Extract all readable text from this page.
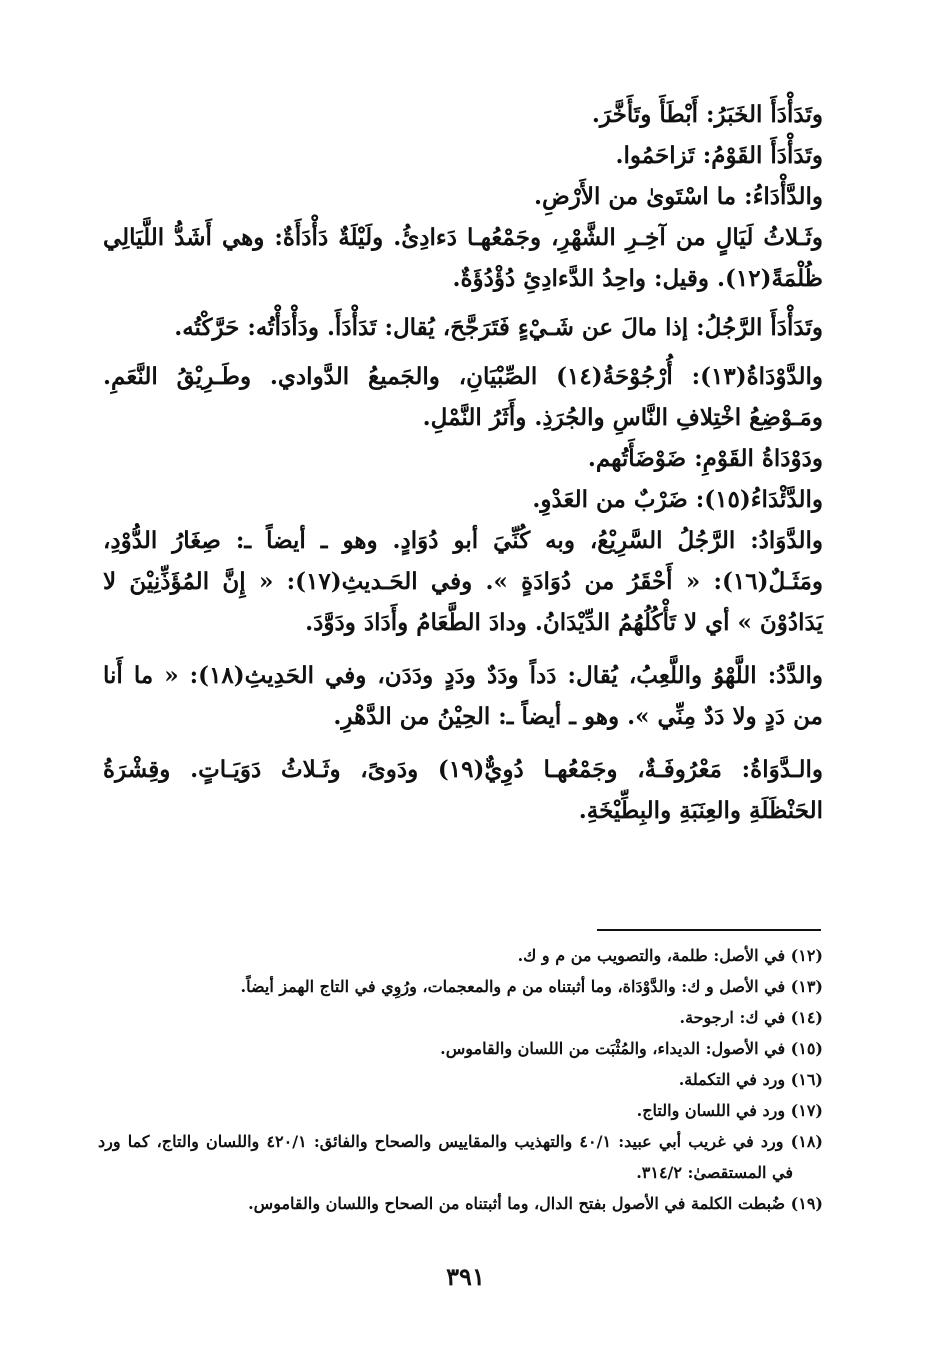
وتَدَأْدَأَ الخَبَرُ: أَبْطَأَ وتَأَخَّرَ.

وتَدَأْدَأَ القَوْمُ: تَزاحَمُوا.

والدَّأْدَاءُ: ما اسْتَوىٰ من الأَرْضِ.

وثَـلاثُ لَيَالٍ من آخِـرِ الشَّهْرِ، وجَمْعُهـا دَءادِئُ. ولَيْلَةٌ دَأْدَأَةٌ: وهي أَشَدُّ اللَّيَالِي ظُلْمَةً(١٢). وقيل: واحِدُ الدَّءادِئِ دُؤْدُؤَةٌ.

وتَدَأْدَأَ الرَّجُلُ: إذا مالَ عن شَـيْءٍ فَتَرَجَّحَ، يُقال: تَدَأْدَأَ. ودَأْدَأْتُه: حَرَّكْتُه.

والدَّوْدَاةُ(١٣): أُرْجُوْحَةُ(١٤) الصِّبْيَانِ، والجَميعُ الدَّوادي. وطَـرِيْقُ النَّعَمِ. ومَـوْضِعُ اخْتِلافِ النَّاسِ والجُرَذِ. وأَثَرُ النَّمْلِ.

ودَوْدَاةُ القَوْمِ: ضَوْضَأَتُهم.

والدَّئْدَاءُ(١٥): ضَرْبٌ من العَدْوِ.

والدَّوَادُ: الرَّجُلُ السَّرِيْعُ، وبه كُنِّيَ أبو دُوَادٍ. وهو ـ أيضاً ـ: صِغَارُ الدُّوْدِ، ومَثَـلٌ(١٦): « أَحْقَرُ من دُوَادَةٍ ». وفي الحَـديثِ(١٧): « إِنَّ المُؤَذِّنِيْنَ لا يَدَادُوْنَ » أي لا تَأْكُلُهُمُ الدِّيْدَانُ. ودادَ الطَّعَامُ وأَدَادَ ودَوَّدَ.

والدَّدُ: اللَّهْوُ واللَّعِبُ، يُقال: دَداً ودَدٌ ودَدٍ ودَدَن، وفي الحَدِيثِ(١٨): « ما أَنا من دَدٍ ولا دَدٌ مِنِّي ». وهو ـ أيضاً ـ: الحِيْنُ من الدَّهْرِ.

والـدَّوَاةُ: مَعْرُوفَـةٌ، وجَمْعُهـا دُوِيٌّ(١٩) ودَوىً، وثَـلاثُ دَوَيَـاتٍ. وقِشْرَةُ الحَنْظَلَةِ والعِنَبَةِ والبِطِّيْخَةِ.

(١٢) في الأصل: طلمة، والتصويب من م و ك.

(١٣) في الأصل و ك: والدَّوْدَاة، وما أثبتناه من م والمعجمات، ورُوِي في التاج الهمز أيضاً.

(١٤) في ك: ارجوحة.

(١٥) في الأصول: الديداء، والمُثْبَت من اللسان والقاموس.

(١٦) ورد في التكملة.

(١٧) ورد في اللسان والتاج.

(١٨) ورد في غريب أبي عبيد: ٤٠/١ والتهذيب والمقاييس والصحاح والفائق: ٤٢٠/١ واللسان والتاج، كما ورد في المستقصىٰ: ٣١٤/٢.

(١٩) ضُبطت الكلمة في الأصول بفتح الدال، وما أثبتناه من الصحاح واللسان والقاموس.

٣٩١
